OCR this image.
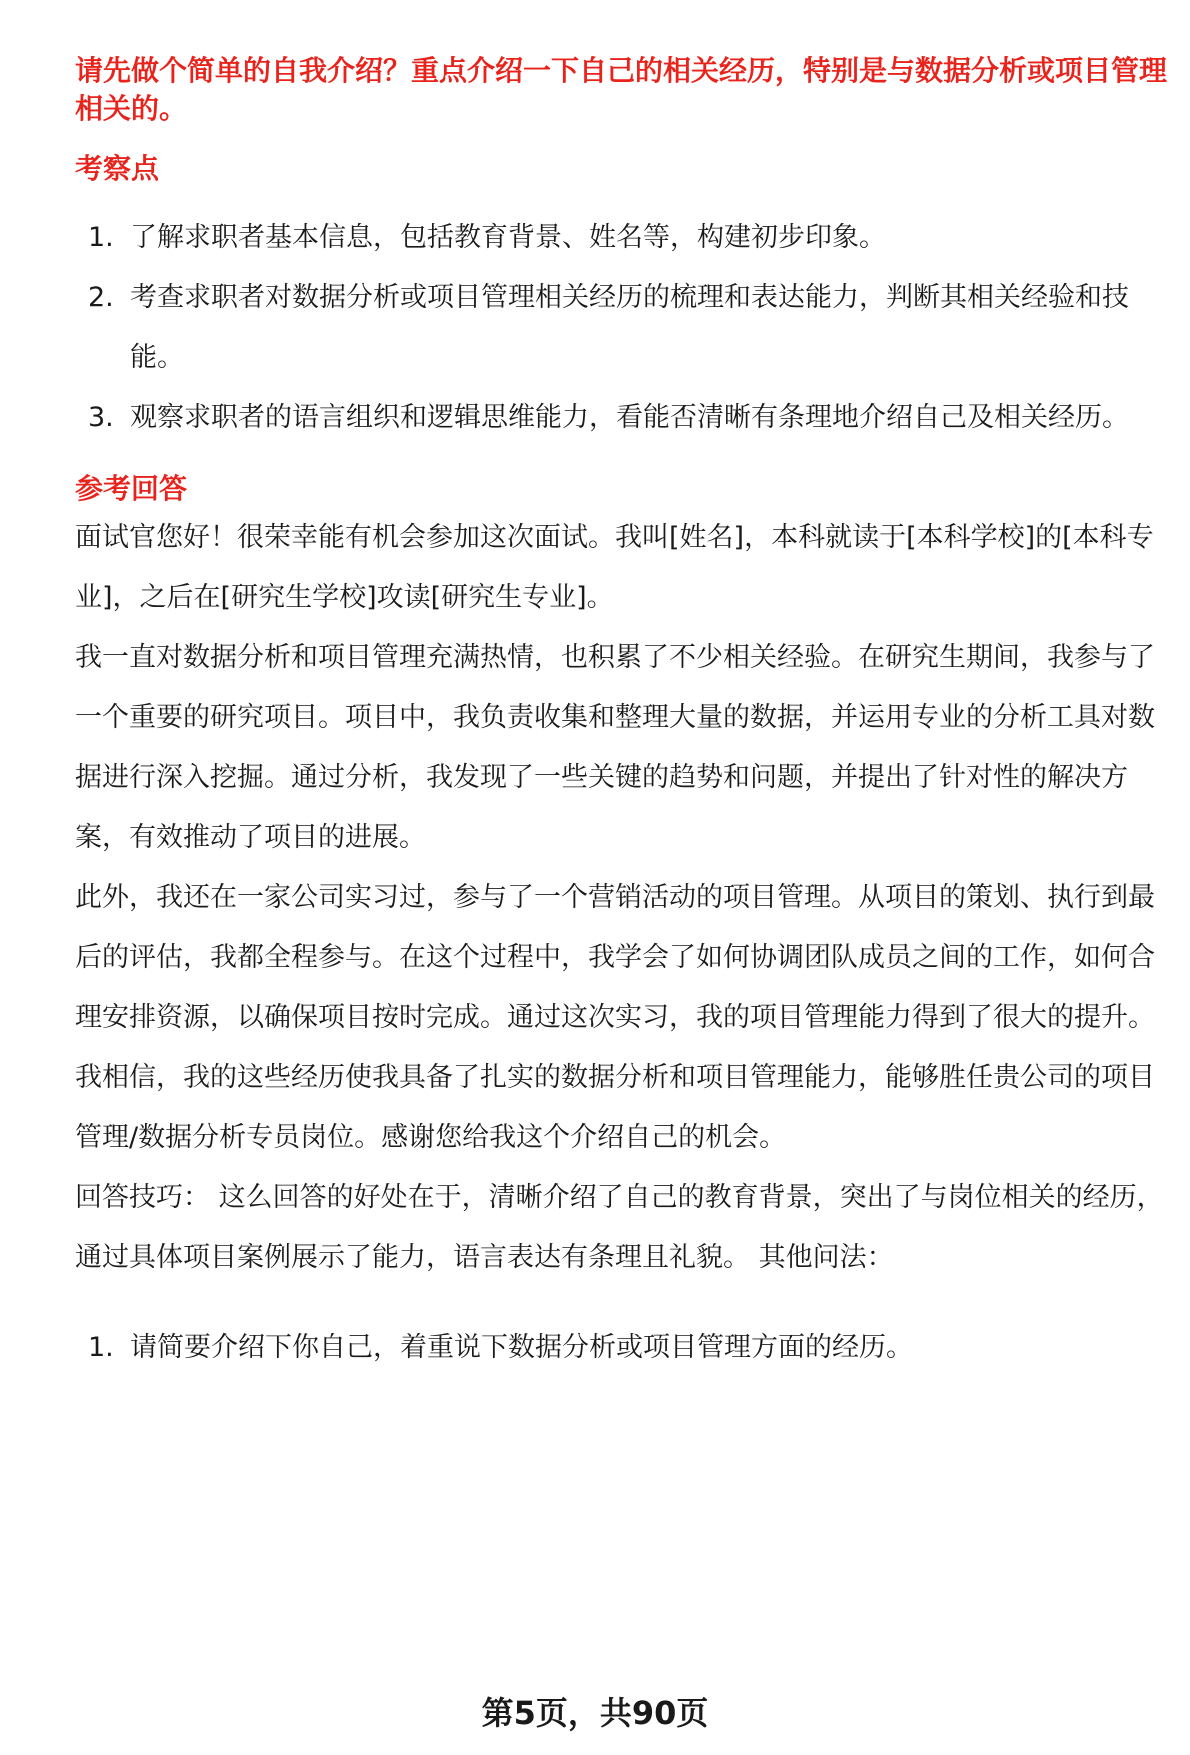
请先做个简单的自我介绍？重点介绍一下自己的相关经历，特别是与数据分析或项目管理相关的。

考察点
1. 了解求职者基本信息，包括教育背景、姓名等，构建初步印象。
2. 考查求职者对数据分析或项目管理相关经历的梳理和表达能力，判断其相关经验和技能。
3. 观察求职者的语言组织和逻辑思维能力，看能否清晰有条理地介绍自己及相关经历。
参考回答

面试官您好！很荣幸能有机会参加这次面试。我叫[姓名]，本科就读于[本科学校]的[本科专业]，之后在[研究生学校]攻读[研究生专业]。

我一直对数据分析和项目管理充满热情，也积累了不少相关经验。在研究生期间，我参与了一个重要的研究项目。项目中，我负责收集和整理大量的数据，并运用专业的分析工具对数据进行深入挖掘。通过分析，我发现了一些关键的趋势和问题，并提出了针对性的解决方案，有效推动了项目的进展。

此外，我还在一家公司实习过，参与了一个营销活动的项目管理。从项目的策划、执行到最后的评估，我都全程参与。在这个过程中，我学会了如何协调团队成员之间的工作，如何合理安排资源，以确保项目按时完成。通过这次实习，我的项目管理能力得到了很大的提升。

我相信，我的这些经历使我具备了扎实的数据分析和项目管理能力，能够胜任贵公司的项目管理/数据分析专员岗位。感谢您给我这个介绍自己的机会。

回答技巧： 这么回答的好处在于，清晰介绍了自己的教育背景，突出了与岗位相关的经历，通过具体项目案例展示了能力，语言表达有条理且礼貌。 其他问法：

1. 请简要介绍下你自己，着重说下数据分析或项目管理方面的经历。
第5页，共90页
